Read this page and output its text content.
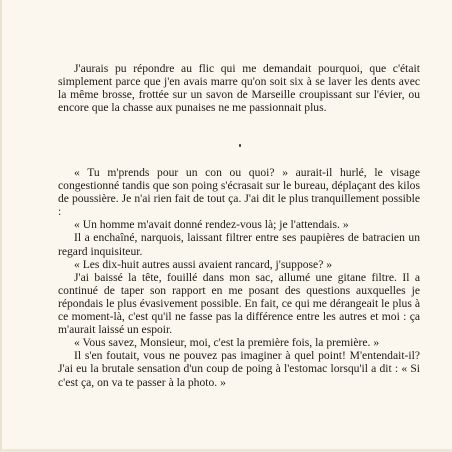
J'aurais pu répondre au flic qui me demandait pourquoi, que c'était simplement parce que j'en avais marre qu'on soit six à se laver les dents avec la même brosse, frottée sur un savon de Marseille croupissant sur l'évier, ou encore que la chasse aux punaises ne me passionnait plus.

« Tu m'prends pour un con ou quoi? » aurait-il hurlé, le visage congestionné tandis que son poing s'écrasait sur le bureau, déplaçant des kilos de poussière. Je n'ai rien fait de tout ça. J'ai dit le plus tranquillement possible :

« Un homme m'avait donné rendez-vous là; je l'attendais. »

Il a enchaîné, narquois, laissant filtrer entre ses paupières de batracien un regard inquisiteur.

« Les dix-huit autres aussi avaient rancard, j'suppose? »

J'ai baissé la tête, fouillé dans mon sac, allumé une gitane filtre. Il a continué de taper son rapport en me posant des questions auxquelles je répondais le plus évasivement possible. En fait, ce qui me dérangeait le plus à ce moment-là, c'est qu'il ne fasse pas la différence entre les autres et moi : ça m'aurait laissé un espoir.

« Vous savez, Monsieur, moi, c'est la première fois, la première. »

Il s'en foutait, vous ne pouvez pas imaginer à quel point! M'entendait-il? J'ai eu la brutale sensation d'un coup de poing à l'estomac lorsqu'il a dit : « Si c'est ça, on va te passer à la photo. »
